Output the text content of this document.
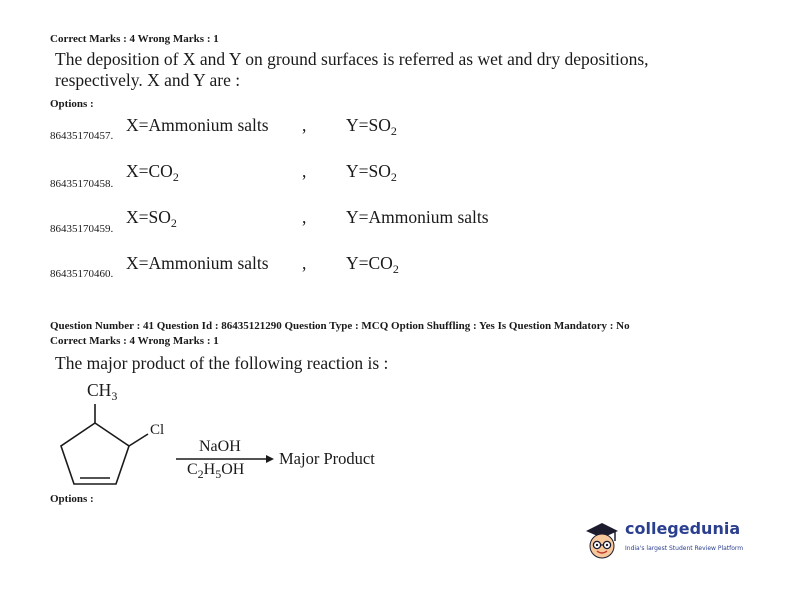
Correct Marks : 4 Wrong Marks : 1
The deposition of X and Y on ground surfaces is referred as wet and dry depositions,
respectively. X and Y are :
Options :
86435170457.
X=Ammonium salts , $Y=SO_2$
86435170458.
$X=CO_2$	, $Y=SO_2$
86435170459.
$X=SO_2$	, Y=Ammonium salts
86435170460.
X=Ammonium salts , $Y=CO_2$
Question Number : 41 Question Id : 86435121290 Question Type : MCQ Option Shuffling : Yes Is Question Mandatory : No
Correct Marks : 4 Wrong Marks : 1
The major product of the following reaction is :
$CH_3$
Cl
NaOH
$C_2H_5OH$
Major Product
Options :
collegedunia
India's largest Student Review Platform
